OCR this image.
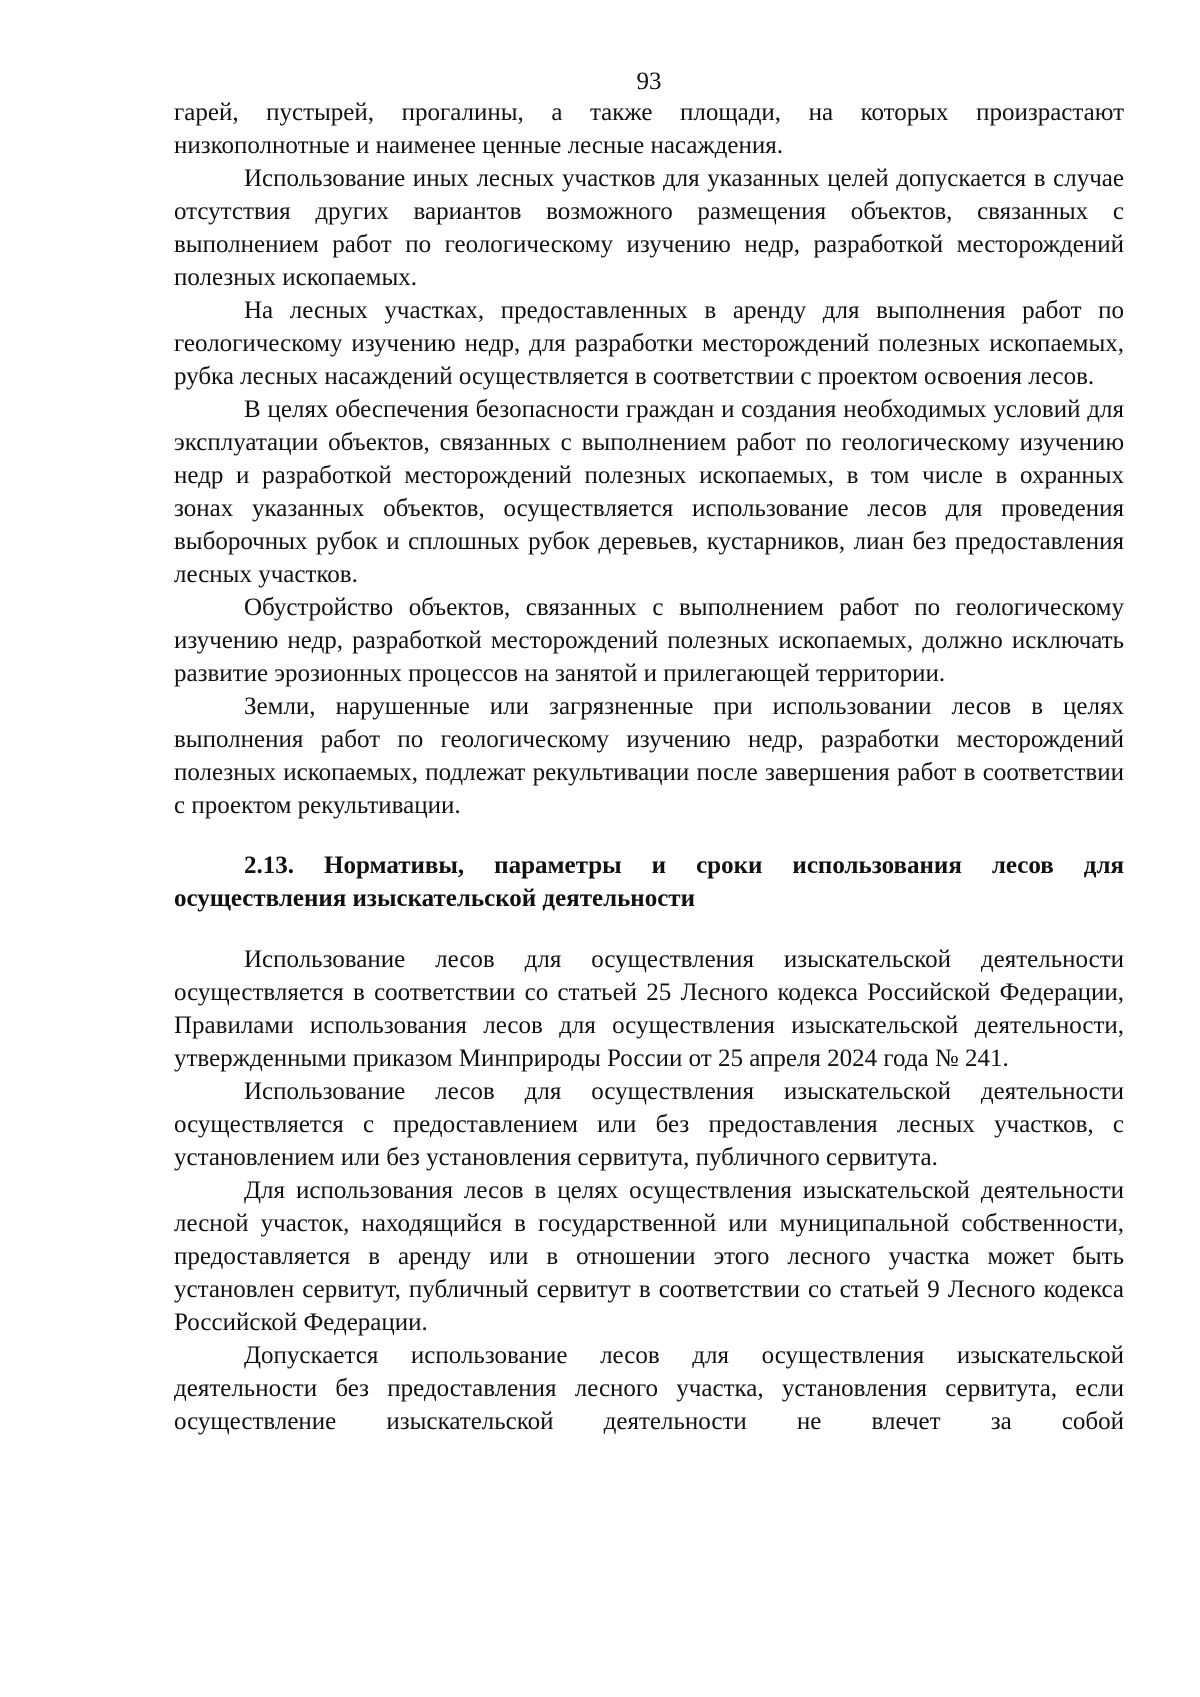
93

гарей, пустырей, прогалины, а также площади, на которых произрастают низкополнотные и наименее ценные лесные насаждения.

Использование иных лесных участков для указанных целей допускается в случае отсутствия других вариантов возможного размещения объектов, связанных с выполнением работ по геологическому изучению недр, разработкой месторождений полезных ископаемых.

На лесных участках, предоставленных в аренду для выполнения работ по геологическому изучению недр, для разработки месторождений полезных ископаемых, рубка лесных насаждений осуществляется в соответствии с проектом освоения лесов.

В целях обеспечения безопасности граждан и создания необходимых условий для эксплуатации объектов, связанных с выполнением работ по геологическому изучению недр и разработкой месторождений полезных ископаемых, в том числе в охранных зонах указанных объектов, осуществляется использование лесов для проведения выборочных рубок и сплошных рубок деревьев, кустарников, лиан без предоставления лесных участков.

Обустройство объектов, связанных с выполнением работ по геологическому изучению недр, разработкой месторождений полезных ископаемых, должно исключать развитие эрозионных процессов на занятой и прилегающей территории.

Земли, нарушенные или загрязненные при использовании лесов в целях выполнения работ по геологическому изучению недр, разработки месторождений полезных ископаемых, подлежат рекультивации после завершения работ в соответствии с проектом рекультивации.

2.13. Нормативы, параметры и сроки использования лесов для осуществления изыскательской деятельности

Использование лесов для осуществления изыскательской деятельности осуществляется в соответствии со статьей 25 Лесного кодекса Российской Федерации, Правилами использования лесов для осуществления изыскательской деятельности, утвержденными приказом Минприроды России от 25 апреля 2024 года № 241.

Использование лесов для осуществления изыскательской деятельности осуществляется с предоставлением или без предоставления лесных участков, с установлением или без установления сервитута, публичного сервитута.

Для использования лесов в целях осуществления изыскательской деятельности лесной участок, находящийся в государственной или муниципальной собственности, предоставляется в аренду или в отношении этого лесного участка может быть установлен сервитут, публичный сервитут в соответствии со статьей 9 Лесного кодекса Российской Федерации.

Допускается использование лесов для осуществления изыскательской деятельности без предоставления лесного участка, установления сервитута, если осуществление изыскательской деятельности не влечет за собой
